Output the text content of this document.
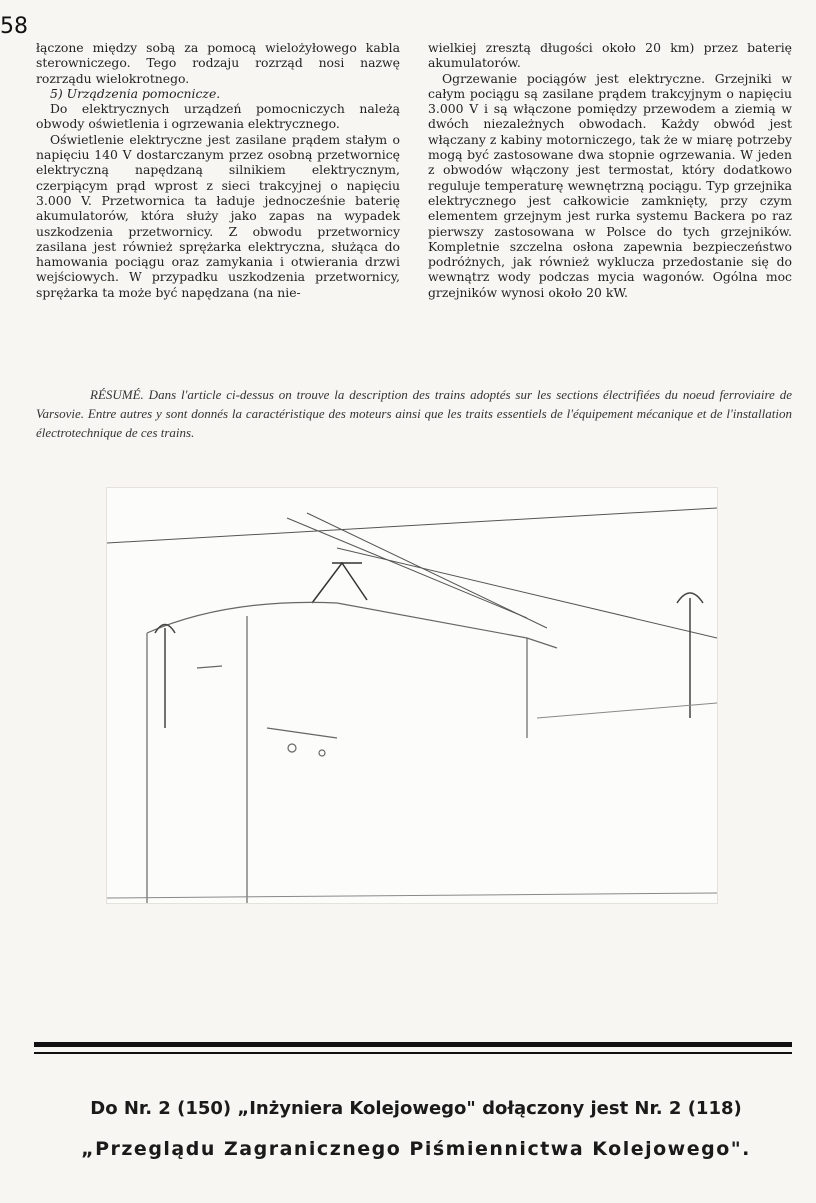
58

łączone między sobą za pomocą wielożyłowego kabla sterowniczego. Tego rodzaju rozrząd nosi nazwę rozrządu wielokrotnego.

5) Urządzenia pomocnicze.

Do elektrycznych urządzeń pomocniczych należą obwody oświetlenia i ogrzewania elektrycznego.

Oświetlenie elektryczne jest zasilane prądem stałym o napięciu 140 V dostarczanym przez osobną przetwornicę elektryczną napędzaną silnikiem elektrycznym, czerpiącym prąd wprost z sieci trakcyjnej o napięciu 3.000 V. Przetwornica ta ładuje jednocześnie baterię akumulatorów, która służy jako zapas na wypadek uszkodzenia przetwornicy. Z obwodu przetwornicy zasilana jest również sprężarka elektryczna, służąca do hamowania pociągu oraz zamykania i otwierania drzwi wejściowych. W przypadku uszkodzenia przetwornicy, sprężarka ta może być napędzana (na nie-

wielkiej zresztą długości około 20 km) przez baterię akumulatorów.

Ogrzewanie pociągów jest elektryczne. Grzejniki w całym pociągu są zasilane prądem trakcyjnym o napięciu 3.000 V i są włączone pomiędzy przewodem a ziemią w dwóch niezależnych obwodach. Każdy obwód jest włączany z kabiny motorniczego, tak że w miarę potrzeby mogą być zastosowane dwa stopnie ogrzewania. W jeden z obwodów włączony jest termostat, który dodatkowo reguluje temperaturę wewnętrzną pociągu. Typ grzejnika elektrycznego jest całkowicie zamknięty, przy czym elementem grzejnym jest rurka systemu Backera po raz pierwszy zastosowana w Polsce do tych grzejników. Kompletnie szczelna osłona zapewnia bezpieczeństwo podróżnych, jak również wyklucza przedostanie się do wewnątrz wody podczas mycia wagonów. Ogólna moc grzejników wynosi około 20 kW.

RÉSUMÉ. Dans l'article ci-dessus on trouve la description des trains adoptés sur les sections électrifiées du noeud ferroviaire de Varsovie. Entre autres y sont donnés la caractéristique des moteurs ainsi que les traits essentiels de l'équipement mécanique et de l'installation électrotechnique de ces trains.
Do Nr. 2 (150) „Inżyniera Kolejowego" dołączony jest Nr. 2 (118)
„Przeglądu Zagranicznego Piśmiennictwa Kolejowego".
